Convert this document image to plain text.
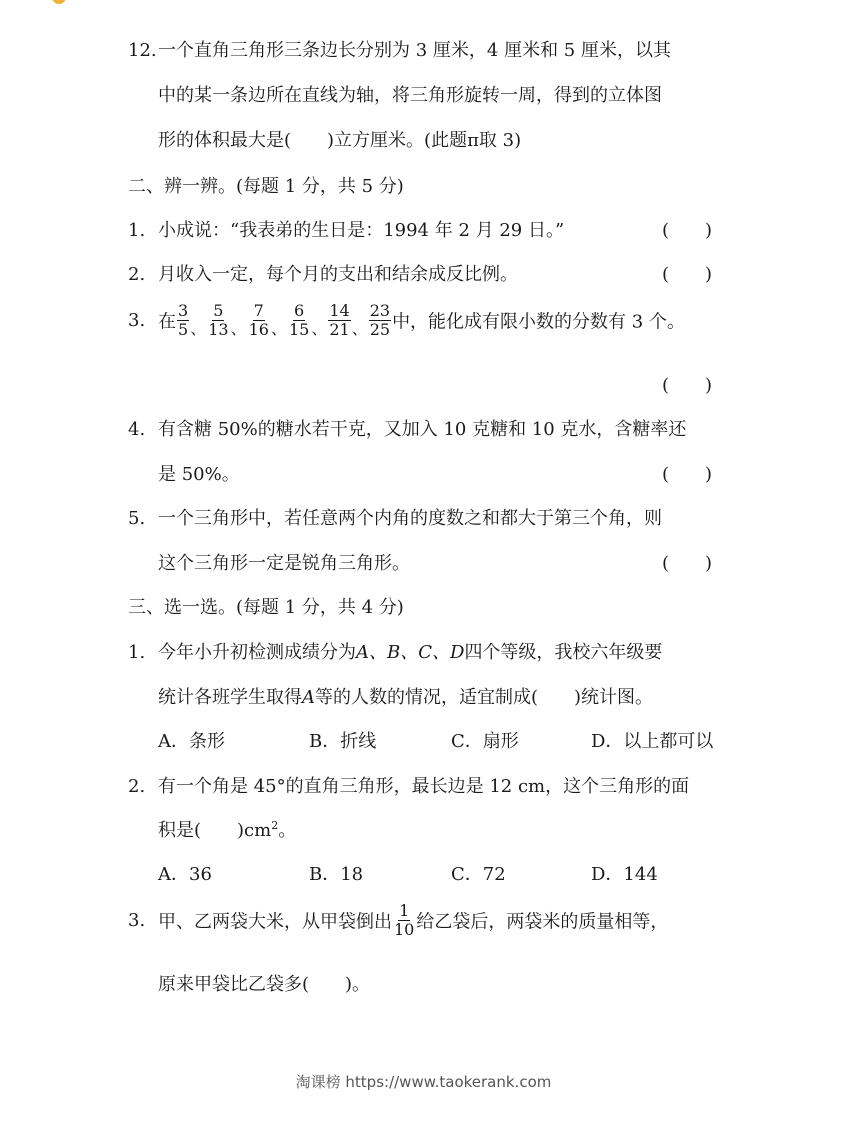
12.一个直角三角形三条边长分别为 3 厘米，4 厘米和 5 厘米，以其
中的某一条边所在直线为轴，将三角形旋转一周，得到的立体图
形的体积最大是(　　)立方厘米。(此题π取 3)
二、辨一辨。(每题 1 分，共 5 分)
1. 小成说：“我表弟的生日是：1994 年 2 月 29 日。”	(　　)
2. 月收入一定，每个月的支出和结余成反比例。	(　　)
3. 在 $\frac{3}{5}$ 、 $\frac{5}{13}$ 、 $\frac{7}{16}$ 、 $\frac{6}{15}$ 、 $\frac{14}{21}$ 、 $\frac{23}{25}$ 中，能化成有限小数的分数有 3 个。
(　　)
4. 有含糖 50%的糖水若干克，又加入 10 克糖和 10 克水，含糖率还
是 50%。	(　　)
5. 一个三角形中，若任意两个内角的度数之和都大于第三个角，则
这个三角形一定是锐角三角形。	(　　)
三、选一选。(每题 1 分，共 4 分)
1. 今年小升初检测成绩分为A、B、C、D四个等级，我校六年级要
统计各班学生取得A等的人数的情况，适宜制成(　　)统计图。
A．条形	B．折线	C．扇形	D．以上都可以
2. 有一个角是 45°的直角三角形，最长边是 12 cm，这个三角形的面
积是(　　)$cm^2$。
A．36	B．18	C．72	D．144
3. 甲、乙两袋大米，从甲袋倒出 $\frac{1}{10}$ 给乙袋后，两袋米的质量相等，
原来甲袋比乙袋多(　　)。
淘课榜 https://www.taokerank.com
